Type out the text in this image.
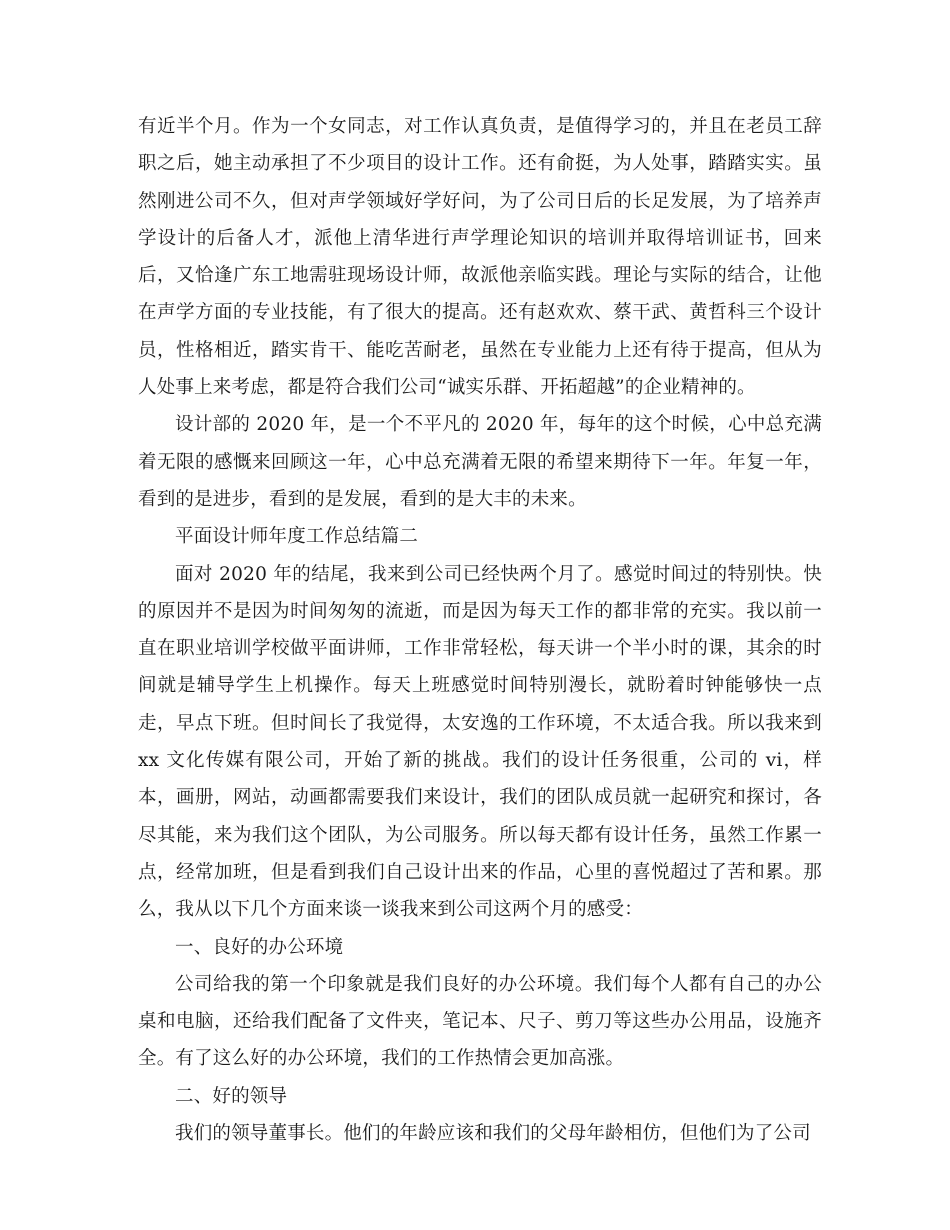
有近半个月。作为一个女同志，对工作认真负责，是值得学习的，并且在老员工辞职之后，她主动承担了不少项目的设计工作。还有俞挺，为人处事，踏踏实实。虽然刚进公司不久，但对声学领域好学好问，为了公司日后的长足发展，为了培养声学设计的后备人才，派他上清华进行声学理论知识的培训并取得培训证书，回来后，又恰逢广东工地需驻现场设计师，故派他亲临实践。理论与实际的结合，让他在声学方面的专业技能，有了很大的提高。还有赵欢欢、蔡干武、黄哲科三个设计员，性格相近，踏实肯干、能吃苦耐老，虽然在专业能力上还有待于提高，但从为人处事上来考虑，都是符合我们公司“诚实乐群、开拓超越”的企业精神的。

设计部的 2020 年，是一个不平凡的 2020 年，每年的这个时候，心中总充满着无限的感慨来回顾这一年，心中总充满着无限的希望来期待下一年。年复一年，看到的是进步，看到的是发展，看到的是大丰的未来。

平面设计师年度工作总结篇二

面对 2020 年的结尾，我来到公司已经快两个月了。感觉时间过的特别快。快的原因并不是因为时间匆匆的流逝，而是因为每天工作的都非常的充实。我以前一直在职业培训学校做平面讲师，工作非常轻松，每天讲一个半小时的课，其余的时间就是辅导学生上机操作。每天上班感觉时间特别漫长，就盼着时钟能够快一点走，早点下班。但时间长了我觉得，太安逸的工作环境，不太适合我。所以我来到 xx 文化传媒有限公司，开始了新的挑战。我们的设计任务很重，公司的 vi，样本，画册，网站，动画都需要我们来设计，我们的团队成员就一起研究和探讨，各尽其能，来为我们这个团队，为公司服务。所以每天都有设计任务，虽然工作累一点，经常加班，但是看到我们自己设计出来的作品，心里的喜悦超过了苦和累。那么，我从以下几个方面来谈一谈我来到公司这两个月的感受：

一、良好的办公环境

公司给我的第一个印象就是我们良好的办公环境。我们每个人都有自己的办公桌和电脑，还给我们配备了文件夹，笔记本、尺子、剪刀等这些办公用品，设施齐全。有了这么好的办公环境，我们的工作热情会更加高涨。

二、好的领导

我们的领导董事长。他们的年龄应该和我们的父母年龄相仿，但他们为了公司
